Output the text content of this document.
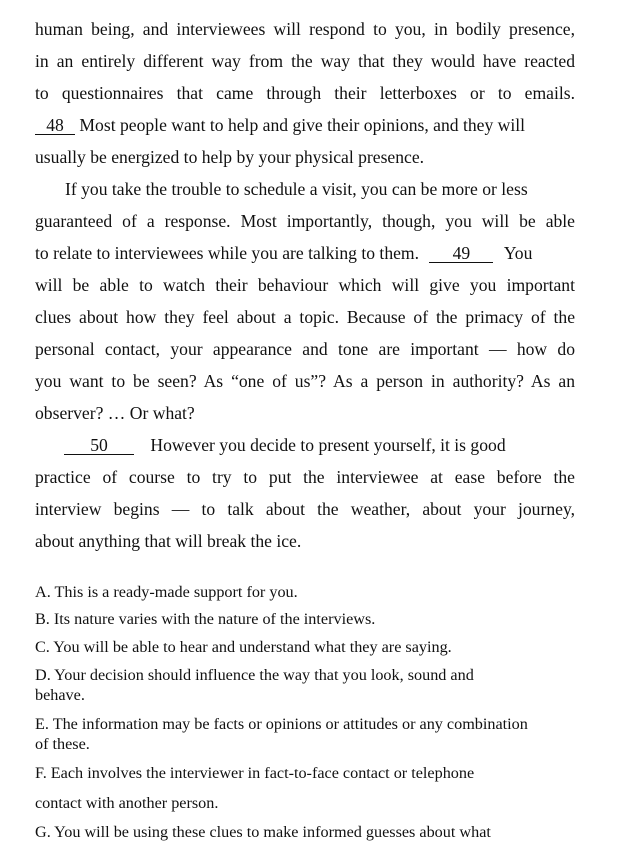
human being, and interviewees will respond to you, in bodily presence,
in an entirely different way from the way that they would have reacted
to questionnaires that came through their letterboxes or to emails.
48 Most people want to help and give their opinions, and they will
usually be energized to help by your physical presence.
If you take the trouble to schedule a visit, you can be more or less
guaranteed of a response. Most importantly, though, you will be able
to relate to interviewees while you are talking to them. 49 You
will be able to watch their behaviour which will give you important
clues about how they feel about a topic. Because of the primacy of the
personal contact, your appearance and tone are important — how do
you want to be seen? As “one of us”? As a person in authority? As an
observer? … Or what?
50 However you decide to present yourself, it is good
practice of course to try to put the interviewee at ease before the
interview begins — to talk about the weather, about your journey,
about anything that will break the ice.
A. This is a ready-made support for you.
B. Its nature varies with the nature of the interviews.
C. You will be able to hear and understand what they are saying.
D. Your decision should influence the way that you look, sound and
behave.
E. The information may be facts or opinions or attitudes or any combination
of these.
F. Each involves the interviewer in fact-to-face contact or telephone
contact with another person.
G. You will be using these clues to make informed guesses about what
